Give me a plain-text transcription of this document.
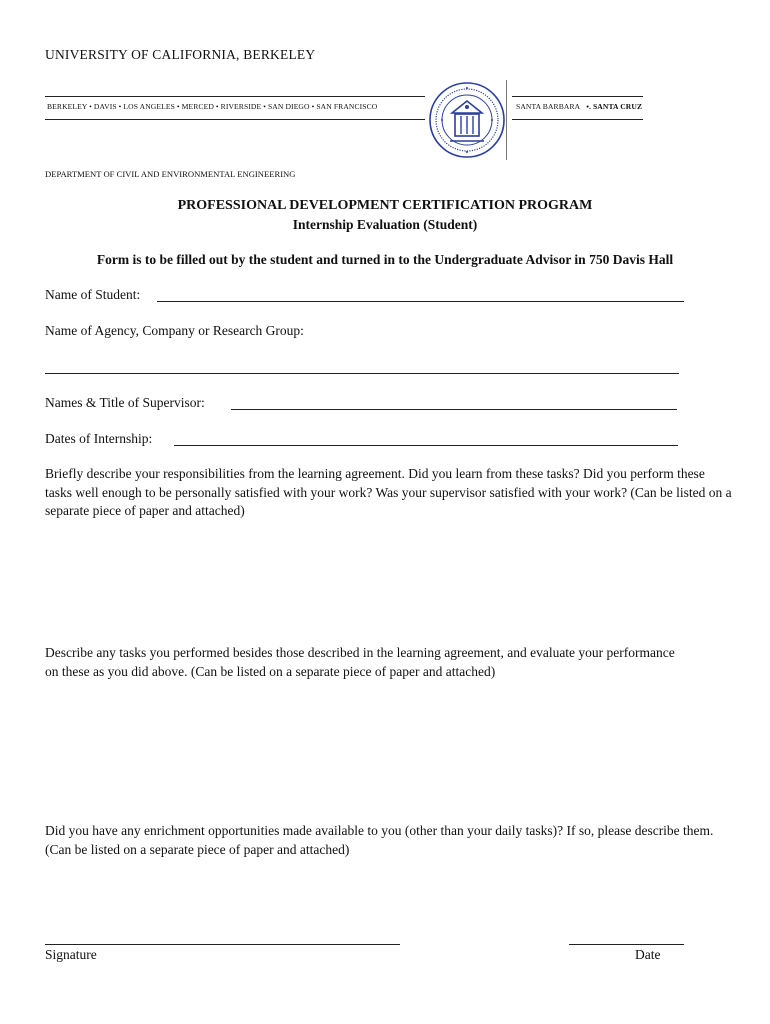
UNIVERSITY OF CALIFORNIA, BERKELEY
BERKELEY • DAVIS • LOS ANGELES • MERCED • RIVERSIDE • SAN DIEGO • SAN FRANCISCO	SANTA BARBARA •. SANTA CRUZ
DEPARTMENT OF CIVIL AND ENVIRONMENTAL ENGINEERING
PROFESSIONAL DEVELOPMENT CERTIFICATION PROGRAM
Internship Evaluation (Student)
Form is to be filled out by the student and turned in to the Undergraduate Advisor in 750 Davis Hall
Name of Student:
Name of Agency, Company or Research Group:
Names & Title of Supervisor:
Dates of Internship:
Briefly describe your responsibilities from the learning agreement. Did you learn from these tasks? Did you perform these tasks well enough to be personally satisfied with your work? Was your supervisor satisfied with your work? (Can be listed on a separate piece of paper and attached)
Describe any tasks you performed besides those described in the learning agreement, and evaluate your performance on these as you did above. (Can be listed on a separate piece of paper and attached)
Did you have any enrichment opportunities made available to you (other than your daily tasks)? If so, please describe them. (Can be listed on a separate piece of paper and attached)
Signature	Date
